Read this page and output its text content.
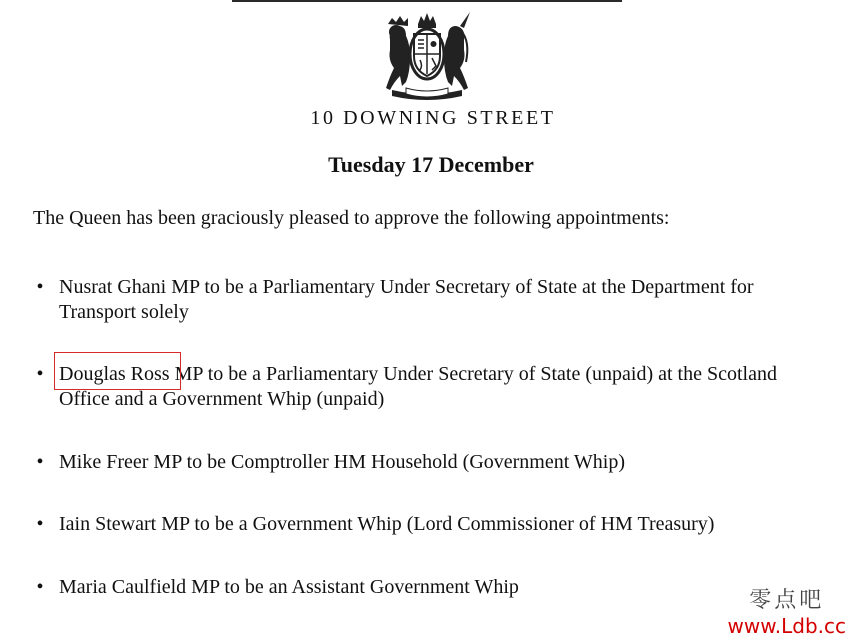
10 DOWNING STREET
Tuesday 17 December
The Queen has been graciously pleased to approve the following appointments:
• Nusrat Ghani MP to be a Parliamentary Under Secretary of State at the Department for
Transport solely
• Douglas Ross MP to be a Parliamentary Under Secretary of State (unpaid) at the Scotland
Office and a Government Whip (unpaid)
• Mike Freer MP to be Comptroller HM Household (Government Whip)
• Iain Stewart MP to be a Government Whip (Lord Commissioner of HM Treasury)
• Maria Caulfield MP to be an Assistant Government Whip
零点吧
www.Ldb.cc
